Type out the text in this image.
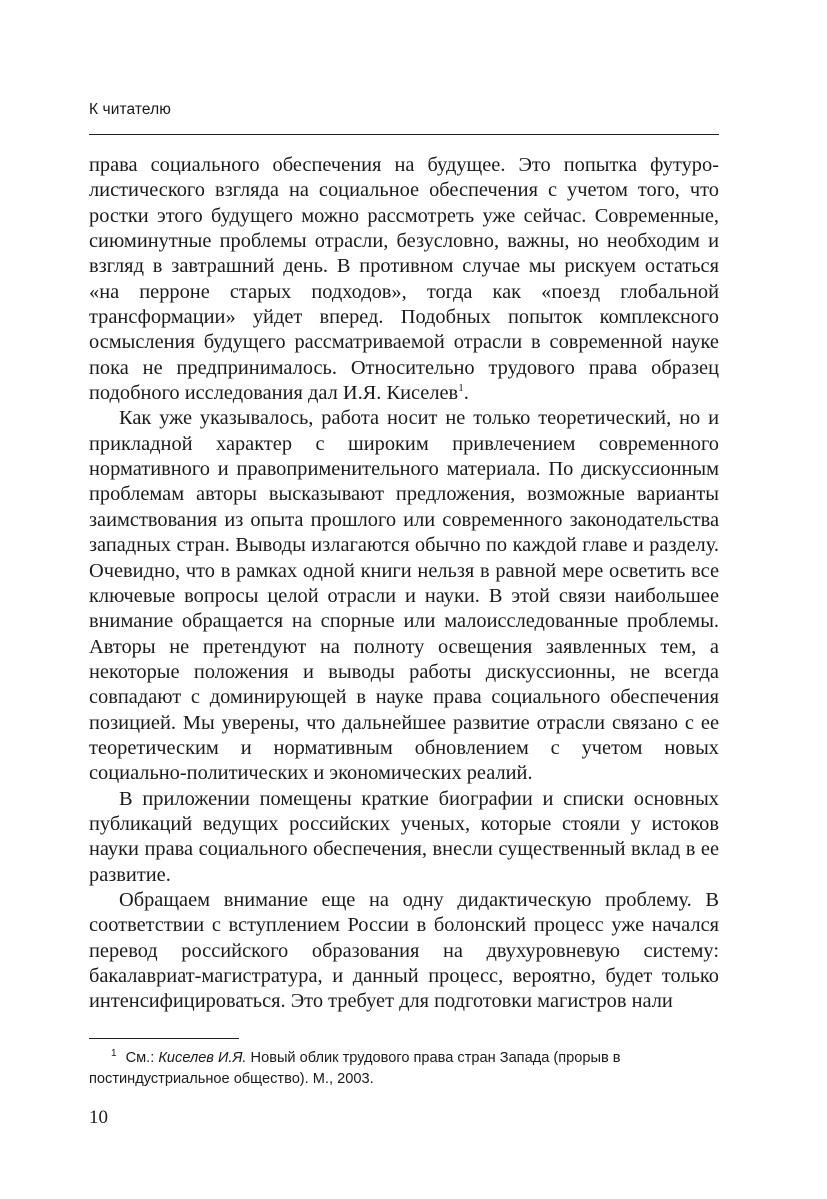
К читателю

права социального обеспечения на будущее. Это попытка футуролистического взгляда на социальное обеспечения с учетом того, что ростки этого будущего можно рассмотреть уже сейчас. Современные, сиюминутные проблемы отрасли, безусловно, важны, но необходим и взгляд в завтрашний день. В противном случае мы рискуем остаться «на перроне старых подходов», тогда как «поезд глобальной трансформации» уйдет вперед. Подобных попыток комплексного осмысления будущего рассматриваемой отрасли в современной науке пока не предпринималось. Относительно трудового права образец подобного исследования дал И.Я. Киселев$^1$.

Как уже указывалось, работа носит не только теоретический, но и прикладной характер с широким привлечением современного нормативного и правоприменительного материала. По дискуссионным проблемам авторы высказывают предложения, возможные варианты заимствования из опыта прошлого или современного законодательства западных стран. Выводы излагаются обычно по каждой главе и разделу. Очевидно, что в рамках одной книги нельзя в равной мере осветить все ключевые вопросы целой отрасли и науки. В этой связи наибольшее внимание обращается на спорные или малоисследованные проблемы. Авторы не претендуют на полноту освещения заявленных тем, а некоторые положения и выводы работы дискуссионны, не всегда совпадают с доминирующей в науке права социального обеспечения позицией. Мы уверены, что дальнейшее развитие отрасли связано с ее теоретическим и нормативным обновлением с учетом новых социально-политических и экономических реалий.

В приложении помещены краткие биографии и списки основных публикаций ведущих российских ученых, которые стояли у истоков науки права социального обеспечения, внесли существенный вклад в ее развитие.

Обращаем внимание еще на одну дидактическую проблему. В соответствии с вступлением России в болонский процесс уже начался перевод российского образования на двухуровневую систему: бакалавриат-магистратура, и данный процесс, вероятно, будет только интенсифицироваться. Это требует для подготовки магистров нали

$^1$ См.: Киселев И.Я. Новый облик трудового права стран Запада (прорыв в постиндустриальное общество). М., 2003.
10
